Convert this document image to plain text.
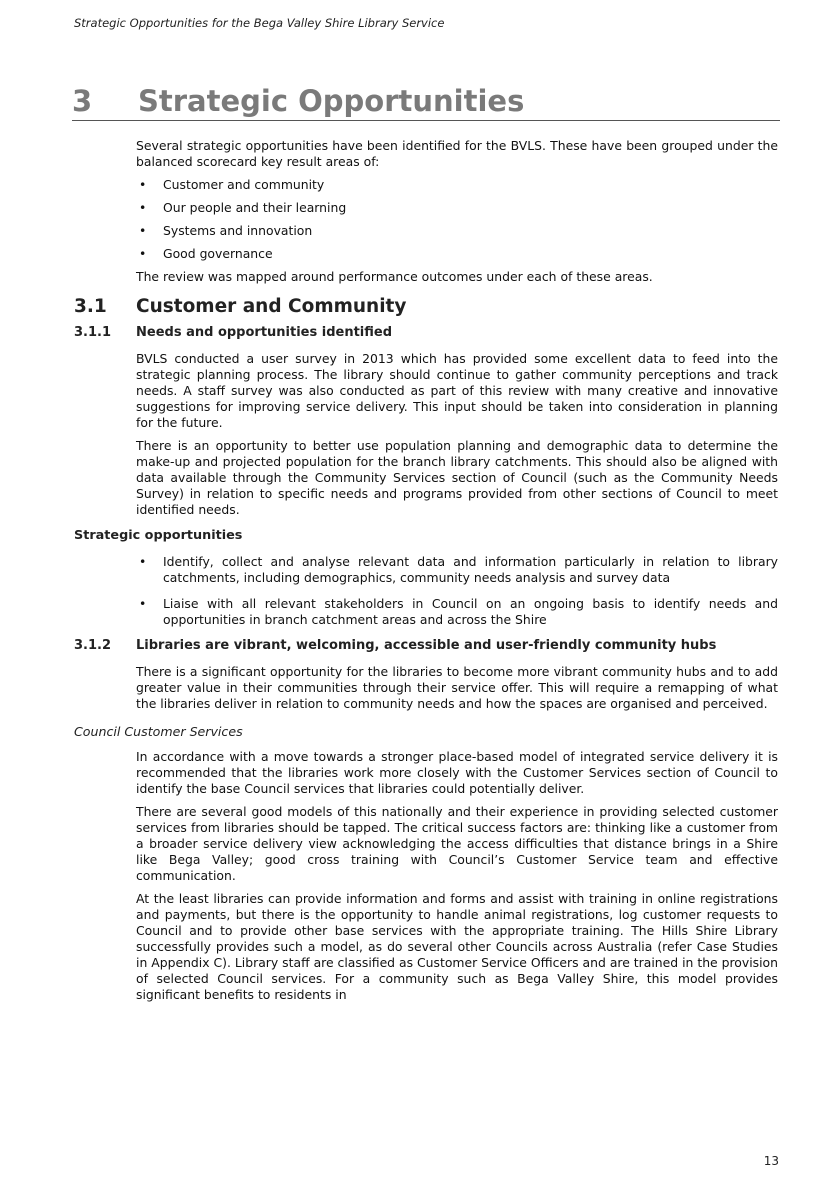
Strategic Opportunities for the Bega Valley Shire Library Service
3	Strategic Opportunities

Several strategic opportunities have been identified for the BVLS. These have been grouped under the balanced scorecard key result areas of:

• Customer and community
• Our people and their learning
• Systems and innovation
• Good governance

The review was mapped around performance outcomes under each of these areas.

3.1	Customer and Community
3.1.1	Needs and opportunities identified

BVLS conducted a user survey in 2013 which has provided some excellent data to feed into the strategic planning process. The library should continue to gather community perceptions and track needs. A staff survey was also conducted as part of this review with many creative and innovative suggestions for improving service delivery. This input should be taken into consideration in planning for the future.

There is an opportunity to better use population planning and demographic data to determine the make-up and projected population for the branch library catchments. This should also be aligned with data available through the Community Services section of Council (such as the Community Needs Survey) in relation to specific needs and programs provided from other sections of Council to meet identified needs.

Strategic opportunities
• Identify, collect and analyse relevant data and information particularly in relation to library catchments, including demographics, community needs analysis and survey data
• Liaise with all relevant stakeholders in Council on an ongoing basis to identify needs and opportunities in branch catchment areas and across the Shire
3.1.2	Libraries are vibrant, welcoming, accessible and user-friendly community hubs

There is a significant opportunity for the libraries to become more vibrant community hubs and to add greater value in their communities through their service offer. This will require a remapping of what the libraries deliver in relation to community needs and how the spaces are organised and perceived.

Council Customer Services

In accordance with a move towards a stronger place-based model of integrated service delivery it is recommended that the libraries work more closely with the Customer Services section of Council to identify the base Council services that libraries could potentially deliver.

There are several good models of this nationally and their experience in providing selected customer services from libraries should be tapped. The critical success factors are: thinking like a customer from a broader service delivery view acknowledging the access difficulties that distance brings in a Shire like Bega Valley; good cross training with Council’s Customer Service team and effective communication.

At the least libraries can provide information and forms and assist with training in online registrations and payments, but there is the opportunity to handle animal registrations, log customer requests to Council and to provide other base services with the appropriate training. The Hills Shire Library successfully provides such a model, as do several other Councils across Australia (refer Case Studies in Appendix C). Library staff are classified as Customer Service Officers and are trained in the provision of selected Council services. For a community such as Bega Valley Shire, this model provides significant benefits to residents in

13
